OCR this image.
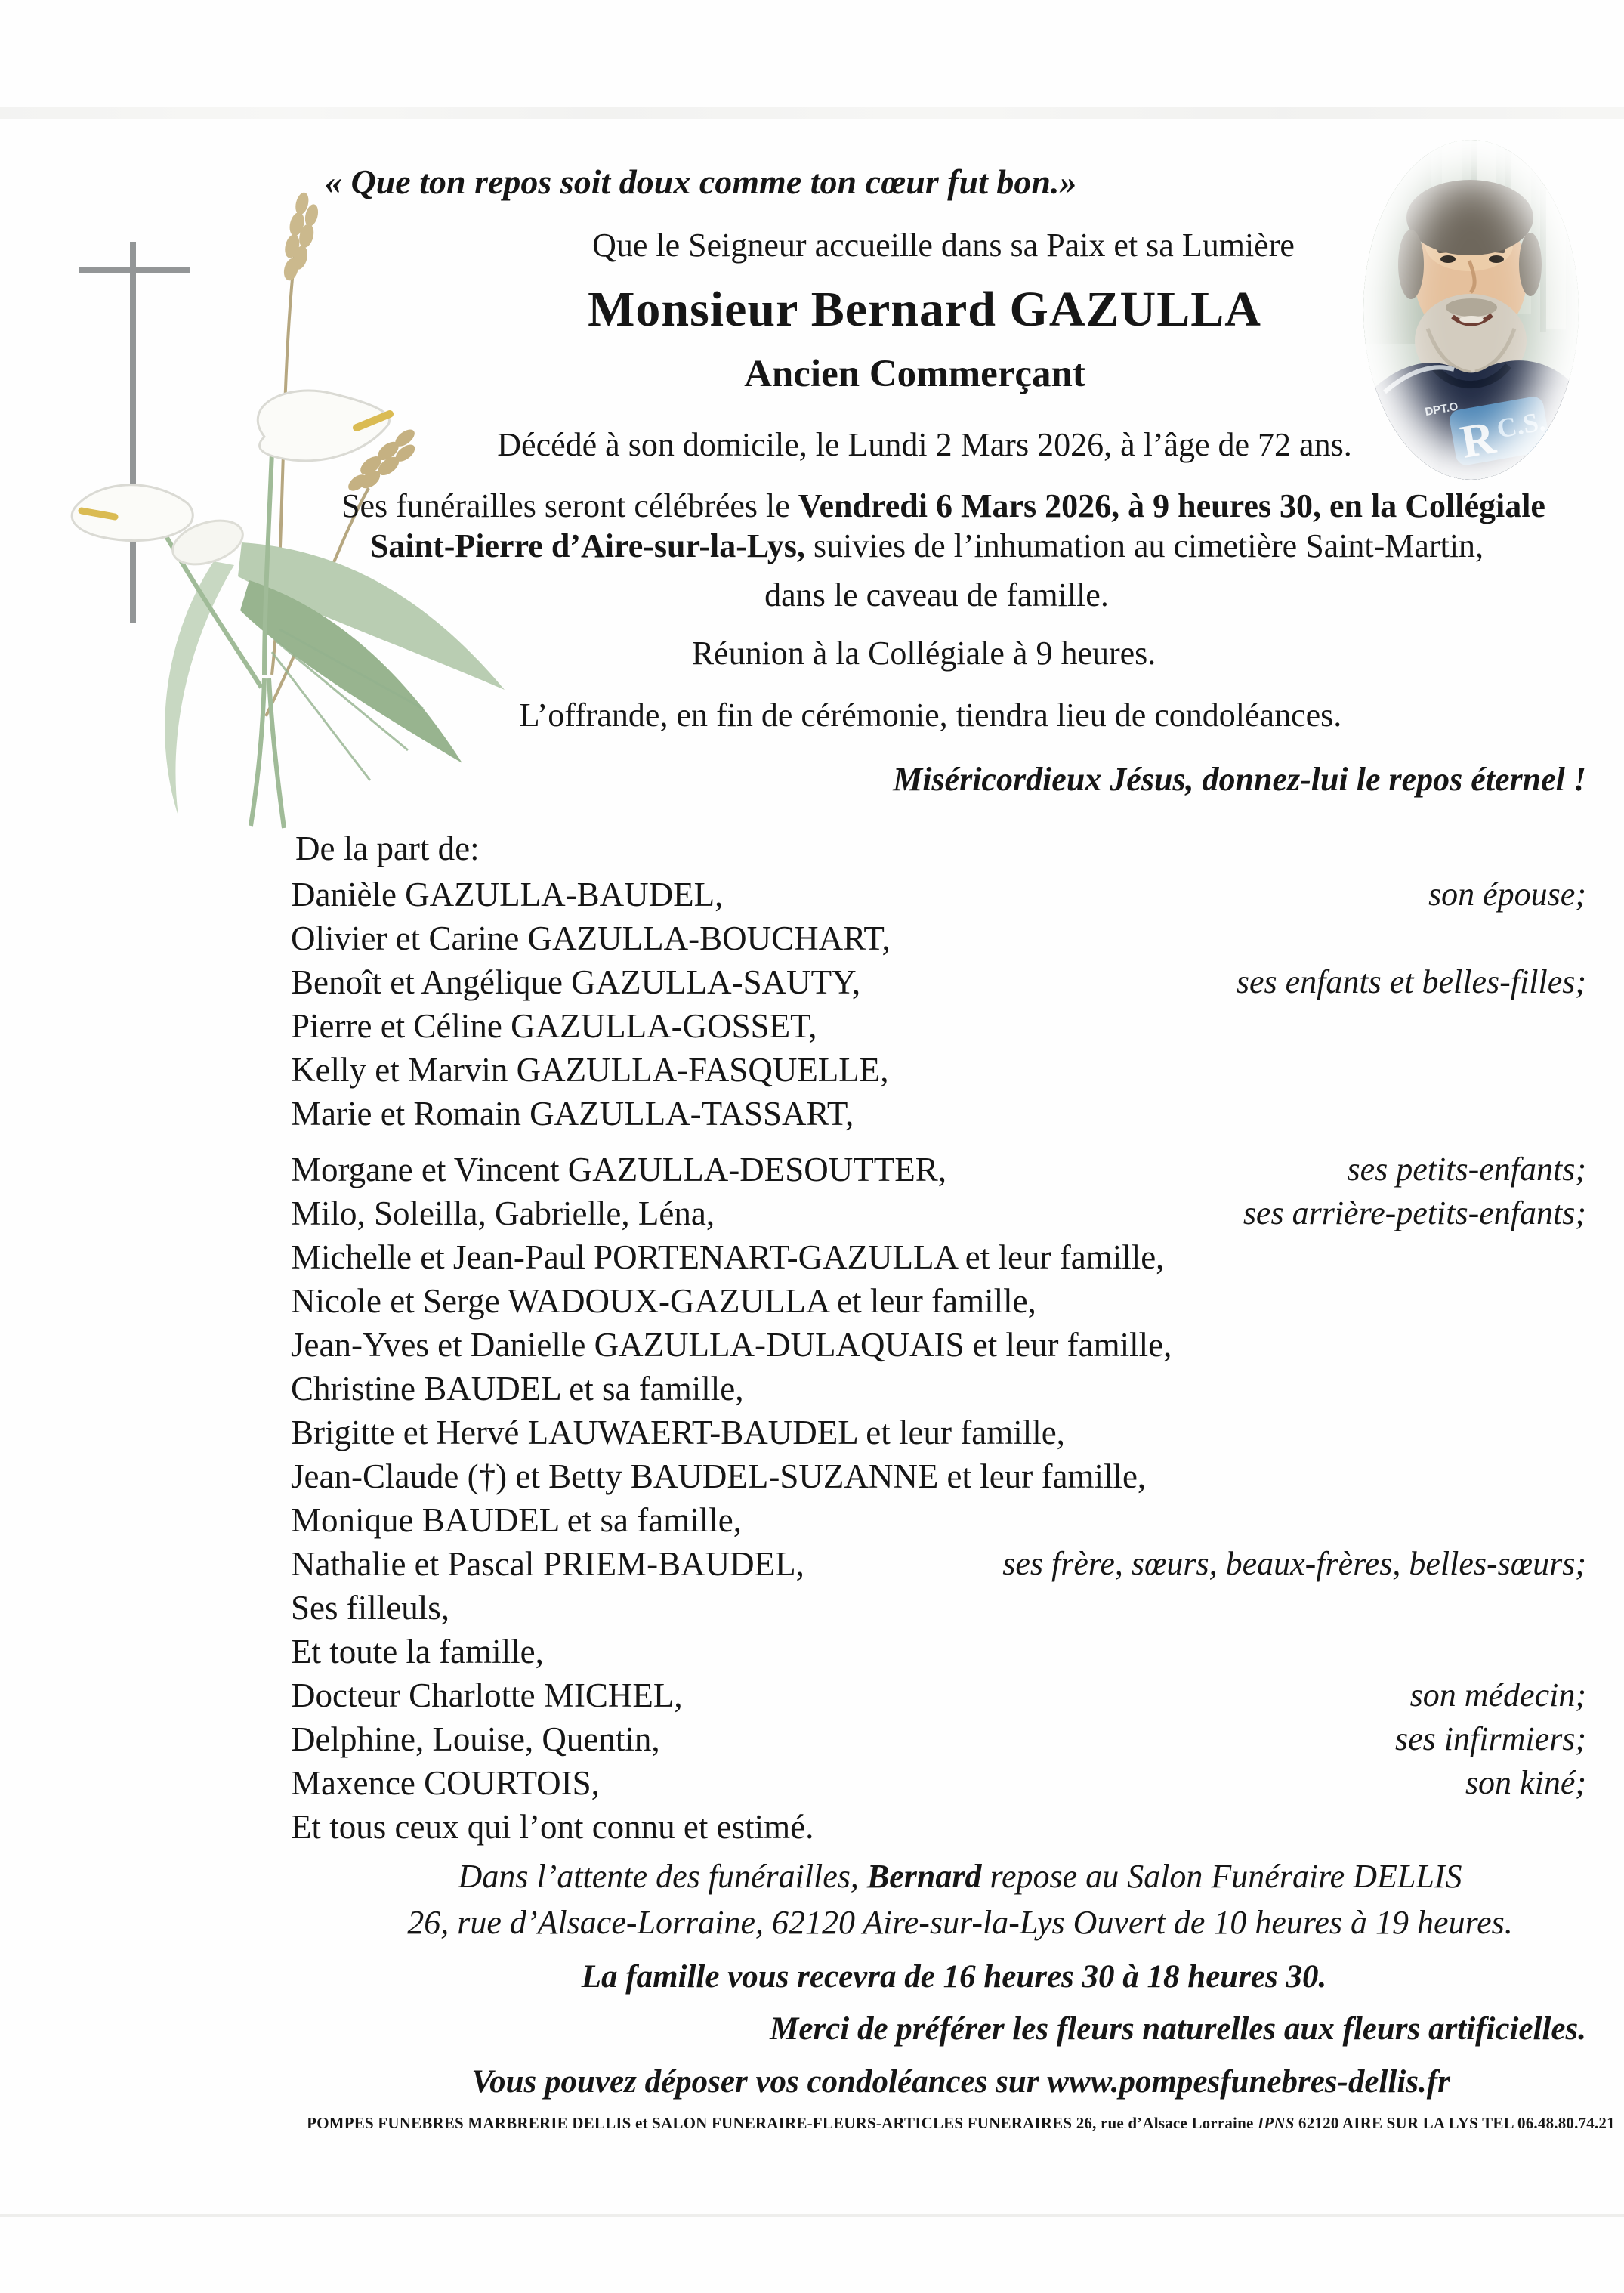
R
C.S.
DPT.O
« Que ton repos soit doux comme ton cœur fut bon.»
Que le Seigneur accueille dans sa Paix et sa Lumière
Monsieur Bernard GAZULLA
Ancien Commerçant
Décédé à son domicile, le Lundi 2 Mars 2026, à l’âge de 72 ans.
Ses funérailles seront célébrées le Vendredi 6 Mars 2026, à 9 heures 30, en la Collégiale
Saint-Pierre d’Aire-sur-la-Lys, suivies de l’inhumation au cimetière Saint-Martin,
dans le caveau de famille.
Réunion à la Collégiale à 9 heures.
L’offrande, en fin de cérémonie, tiendra lieu de condoléances.
Miséricordieux Jésus, donnez-lui le repos éternel !
De la part de:
Danièle GAZULLA-BAUDEL,	son épouse;
Olivier et Carine GAZULLA-BOUCHART,
Benoît et Angélique GAZULLA-SAUTY,	ses enfants et belles-filles;
Pierre et Céline GAZULLA-GOSSET,
Kelly et Marvin GAZULLA-FASQUELLE,
Marie et Romain GAZULLA-TASSART,
Morgane et Vincent GAZULLA-DESOUTTER,	ses petits-enfants;
Milo, Soleilla, Gabrielle, Léna,	ses arrière-petits-enfants;
Michelle et Jean-Paul PORTENART-GAZULLA et leur famille,
Nicole et Serge WADOUX-GAZULLA et leur famille,
Jean-Yves et Danielle GAZULLA-DULAQUAIS et leur famille,
Christine BAUDEL et sa famille,
Brigitte et Hervé LAUWAERT-BAUDEL et leur famille,
Jean-Claude (†) et Betty BAUDEL-SUZANNE et leur famille,
Monique BAUDEL et sa famille,
Nathalie et Pascal PRIEM-BAUDEL,	ses frère, sœurs, beaux-frères, belles-sœurs;
Ses filleuls,
Et toute la famille,
Docteur Charlotte MICHEL,	son médecin;
Delphine, Louise, Quentin,	ses infirmiers;
Maxence COURTOIS,	son kiné;
Et tous ceux qui l’ont connu et estimé.
Dans l’attente des funérailles, Bernard repose au Salon Funéraire DELLIS
26, rue d’Alsace-Lorraine, 62120 Aire-sur-la-Lys Ouvert de 10 heures à 19 heures.
La famille vous recevra de 16 heures 30 à 18 heures 30.
Merci de préférer les fleurs naturelles aux fleurs artificielles.
Vous pouvez déposer vos condoléances sur www.pompesfunebres-dellis.fr
POMPES FUNEBRES MARBRERIE DELLIS et SALON FUNERAIRE-FLEURS-ARTICLES FUNERAIRES 26, rue d’Alsace Lorraine IPNS 62120 AIRE SUR LA LYS TEL 06.48.80.74.21
